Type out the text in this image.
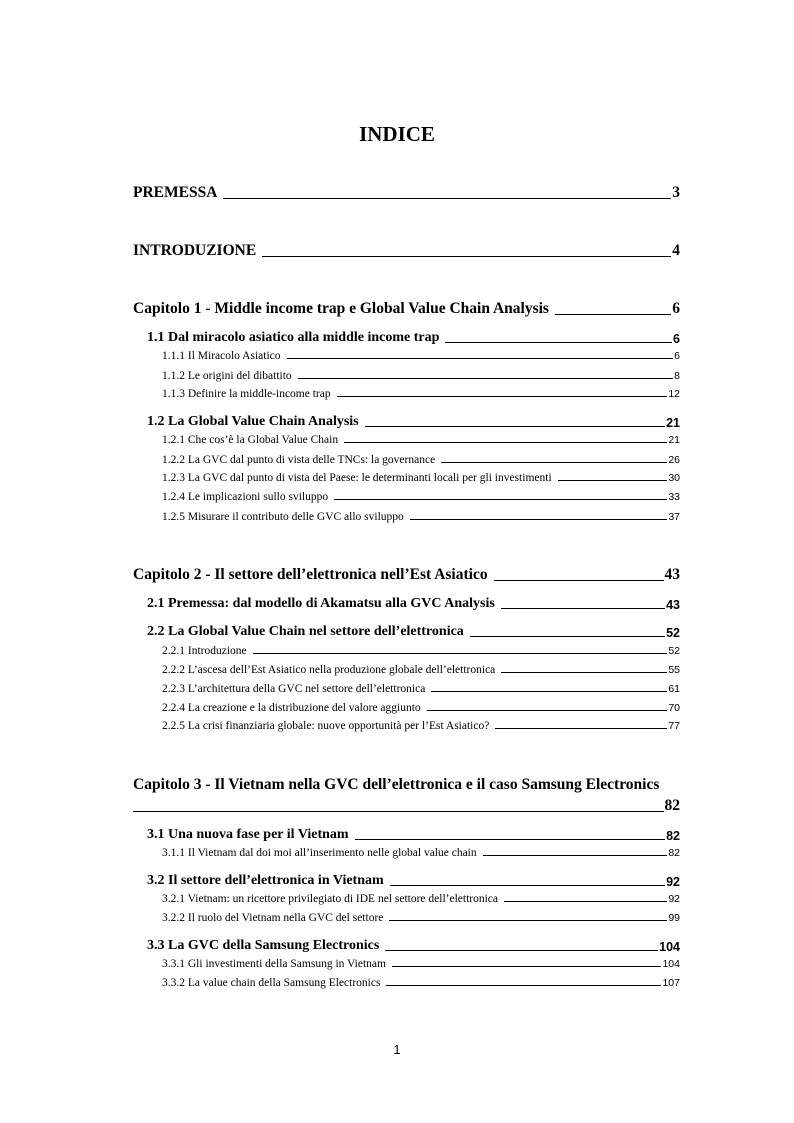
INDICE
PREMESSA	3
INTRODUZIONE	4
Capitolo 1 - Middle income trap e Global Value Chain Analysis	6
1.1 Dal miracolo asiatico alla middle income trap	6
1.1.1 Il Miracolo Asiatico	6
1.1.2 Le origini del dibattito	8
1.1.3 Definire la middle-income trap	12
1.2 La Global Value Chain Analysis	21
1.2.1 Che cos’è la Global Value Chain	21
1.2.2 La GVC dal punto di vista delle TNCs: la governance	26
1.2.3 La GVC dal punto di vista del Paese: le determinanti locali per gli investimenti	30
1.2.4 Le implicazioni sullo sviluppo	33
1.2.5 Misurare il contributo delle GVC allo sviluppo	37
Capitolo 2 - Il settore dell’elettronica nell’Est Asiatico	43
2.1 Premessa: dal modello di Akamatsu alla GVC Analysis	43
2.2 La Global Value Chain nel settore dell’elettronica	52
2.2.1 Introduzione	52
2.2.2 L’ascesa dell’Est Asiatico nella produzione globale dell’elettronica	55
2.2.3 L’architettura della GVC nel settore dell’elettronica	61
2.2.4 La creazione e la distribuzione del valore aggiunto	70
2.2.5 La crisi finanziaria globale: nuove opportunità per l’Est Asiatico?	77
Capitolo 3 - Il Vietnam nella GVC dell’elettronica e il caso Samsung Electronics
82
3.1 Una nuova fase per il Vietnam	82
3.1.1 Il Vietnam dal doi moi all’inserimento nelle global value chain	82
3.2 Il settore dell’elettronica in Vietnam	92
3.2.1 Vietnam: un ricettore privilegiato di IDE nel settore dell’elettronica	92
3.2.2 Il ruolo del Vietnam nella GVC del settore	99
3.3 La GVC della Samsung Electronics	104
3.3.1 Gli investimenti della Samsung in Vietnam	104
3.3.2 La value chain della Samsung Electronics	107
1
